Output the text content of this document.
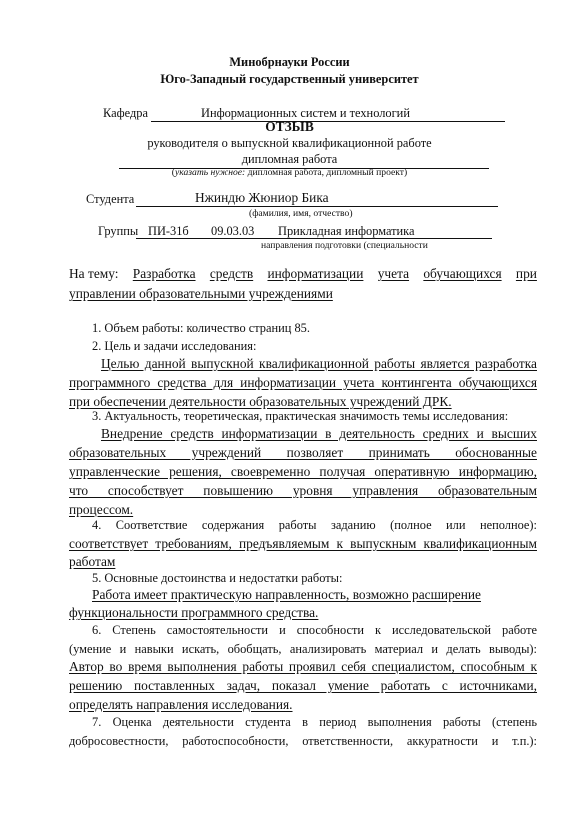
Минобрнауки России
Юго-Западный государственный университет
Кафедра	Информационных систем и технологий
ОТЗЫВ
руководителя о выпускной квалификационной работе
дипломная работа
(указать нужное: дипломная работа, дипломный проект)
Студента	Нжиндю Жюниор Бика
(фамилия, имя, отчество)
Группы ПИ-31б 09.03.03 Прикладная информатика
направления подготовки (специальности
На тему: Разработка средств информатизации учета обучающихся при
управлении образовательными учреждениями
1. Объем работы: количество страниц 85.
2. Цель и задачи исследования:
Целью данной выпускной квалификационной работы является разработка
программного средства для информатизации учета контингента обучающихся
при обеспечении деятельности образовательных учреждений ДРК.
3. Актуальность, теоретическая, практическая значимость темы исследования:
Внедрение средств информатизации в деятельность средних и высших
образовательных учреждений позволяет принимать обоснованные
управленческие решения, своевременно получая оперативную информацию,
что способствует повышению уровня управления образовательным
процессом.
4. Соответствие содержания работы заданию (полное или неполное):
соответствует требованиям, предъявляемым к выпускным квалификационным
работам
5. Основные достоинства и недостатки работы:
Работа имеет практическую направленность, возможно расширение
функциональности программного средства.
6. Степень самостоятельности и способности к исследовательской работе
(умение и навыки искать, обобщать, анализировать материал и делать выводы):
Автор во время выполнения работы проявил себя специалистом, способным к
решению поставленных задач, показал умение работать с источниками,
определять направления исследования.
7. Оценка деятельности студента в период выполнения работы (степень
добросовестности, работоспособности, ответственности, аккуратности и т.п.):
